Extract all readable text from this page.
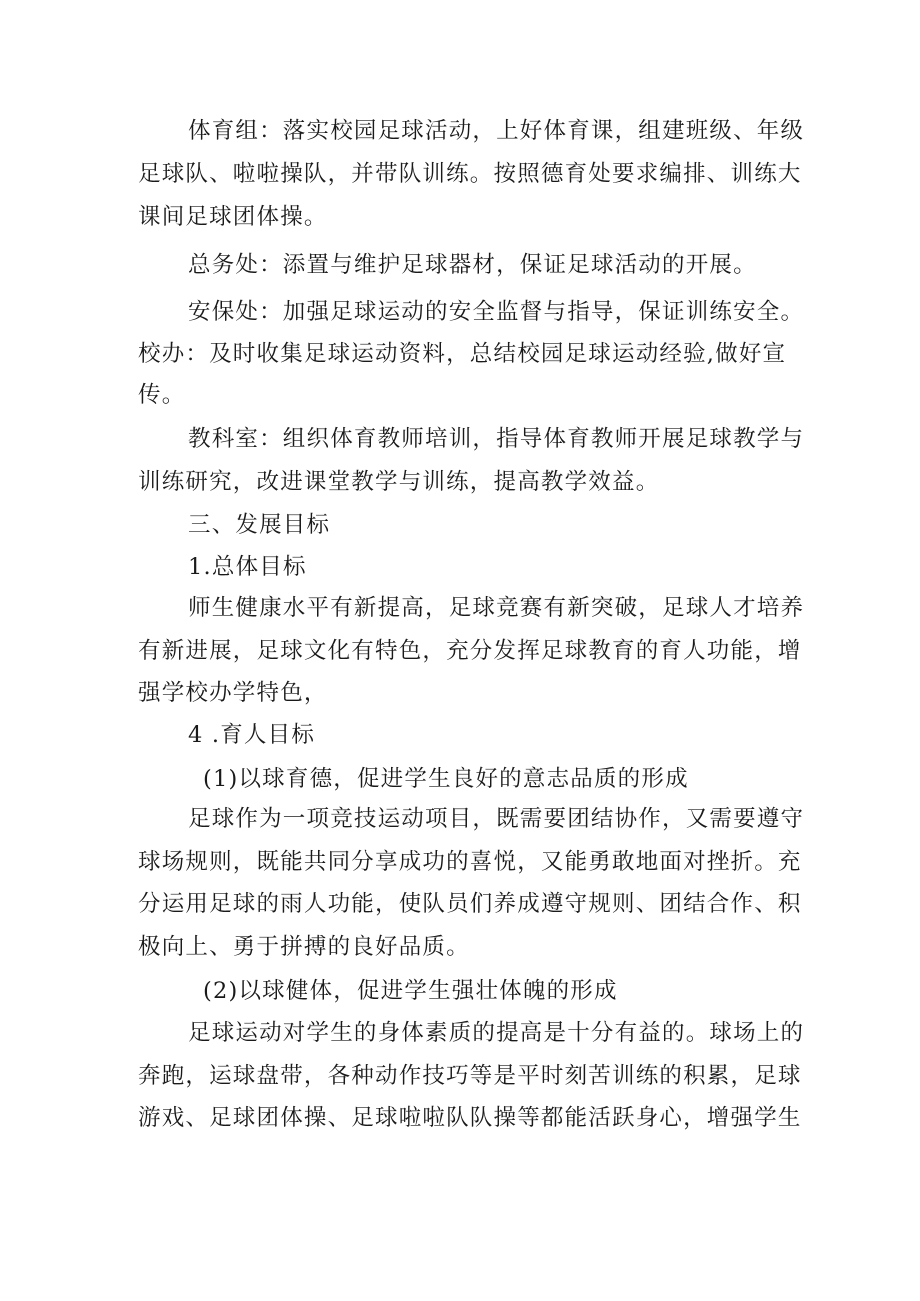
体育组：落实校园足球活动，上好体育课，组建班级、年级
足球队、啦啦操队，并带队训练。按照德育处要求编排、训练大
课间足球团体操。
总务处：添置与维护足球器材，保证足球活动的开展。
安保处：加强足球运动的安全监督与指导，保证训练安全。
校办：及时收集足球运动资料，总结校园足球运动经验,做好宣
传。
教科室：组织体育教师培训，指导体育教师开展足球教学与
训练研究，改进课堂教学与训练，提高教学效益。
三、发展目标
1.总体目标
师生健康水平有新提高，足球竞赛有新突破，足球人才培养
有新进展，足球文化有特色，充分发挥足球教育的育人功能，增
强学校办学特色，
4 .育人目标
(1)以球育德，促进学生良好的意志品质的形成
足球作为一项竞技运动项目，既需要团结协作，又需要遵守
球场规则，既能共同分享成功的喜悦，又能勇敢地面对挫折。充
分运用足球的雨人功能，使队员们养成遵守规则、团结合作、积
极向上、勇于拼搏的良好品质。
(2)以球健体，促进学生强壮体魄的形成
足球运动对学生的身体素质的提高是十分有益的。球场上的
奔跑，运球盘带，各种动作技巧等是平时刻苦训练的积累，足球
游戏、足球团体操、足球啦啦队队操等都能活跃身心，增强学生
